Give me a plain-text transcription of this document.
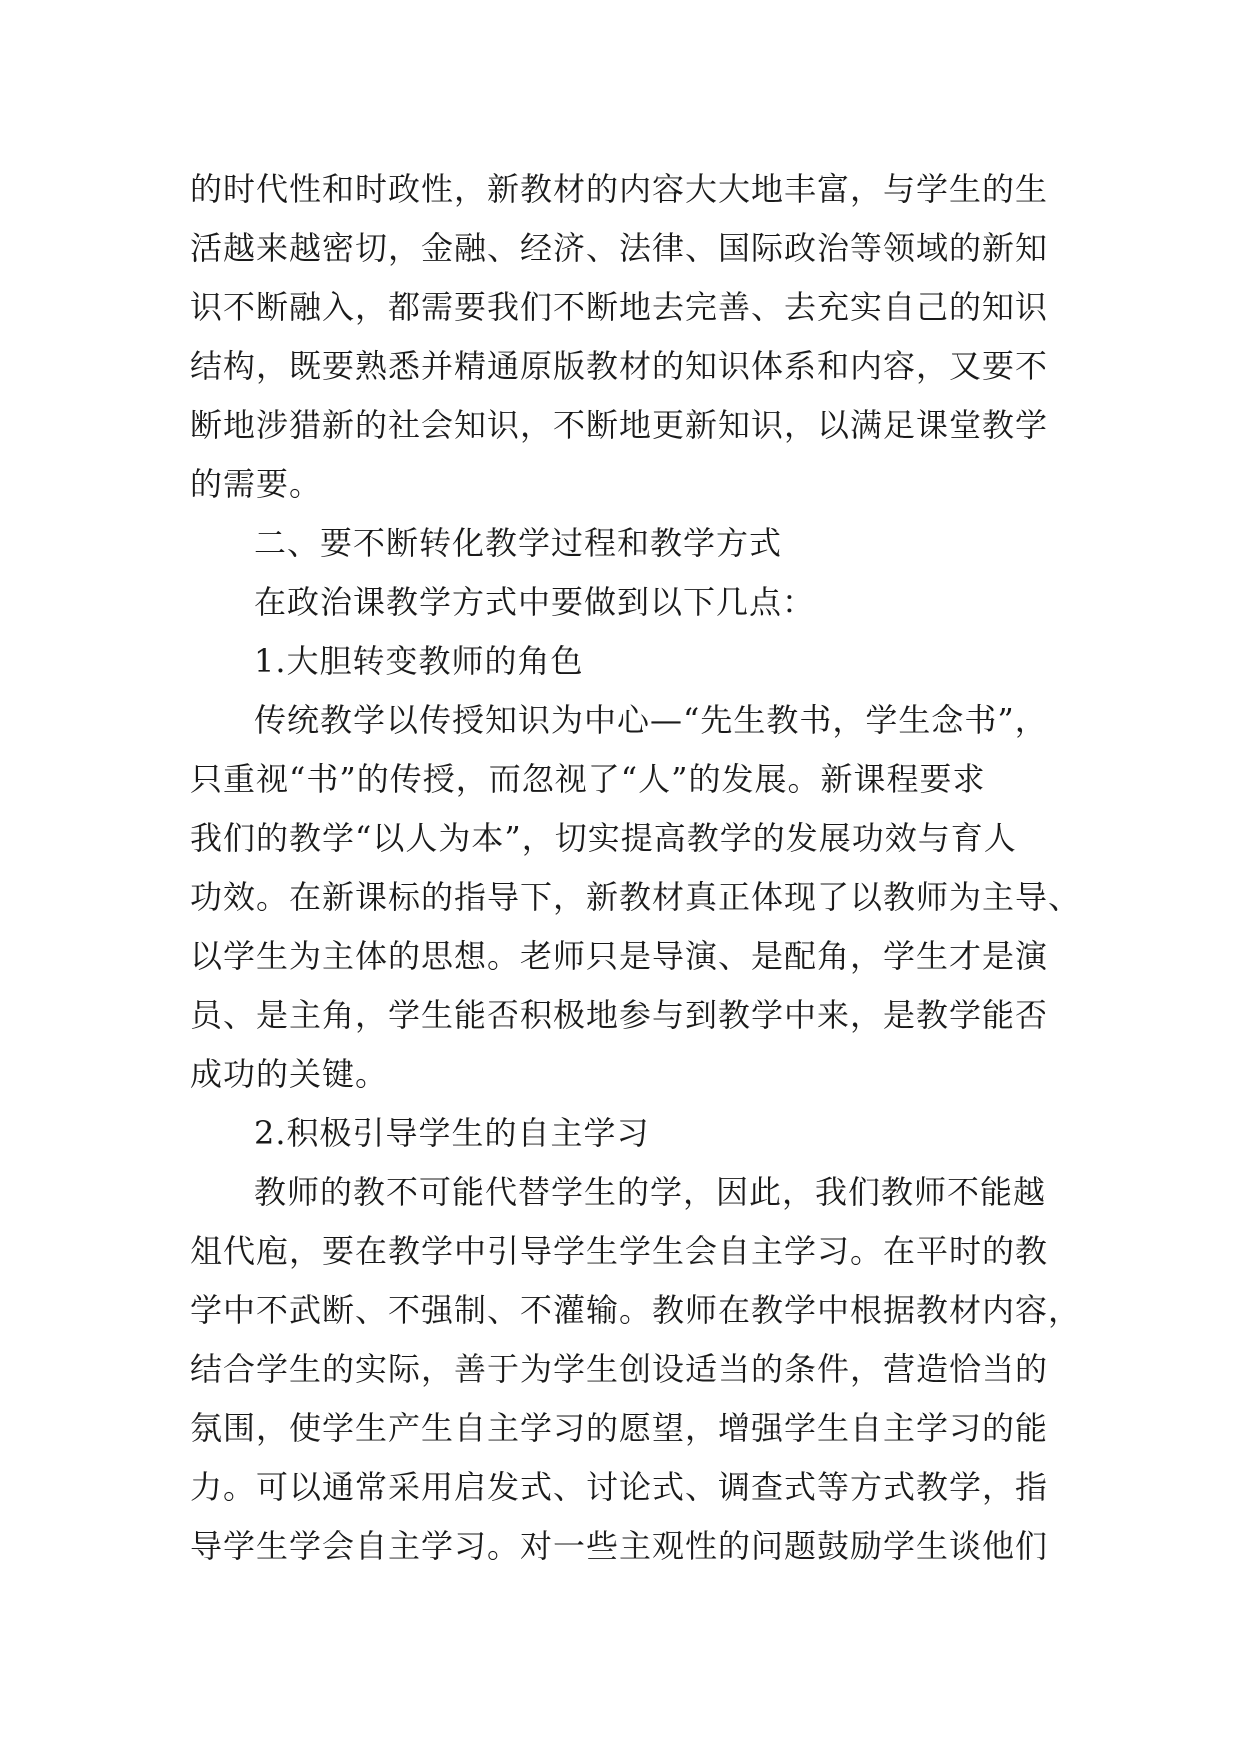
的时代性和时政性，新教材的内容大大地丰富，与学生的生
活越来越密切，金融、经济、法律、国际政治等领域的新知
识不断融入，都需要我们不断地去完善、去充实自己的知识
结构，既要熟悉并精通原版教材的知识体系和内容，又要不
断地涉猎新的社会知识，不断地更新知识，以满足课堂教学
的需要。
二、要不断转化教学过程和教学方式
在政治课教学方式中要做到以下几点：
1.大胆转变教师的角色
传统教学以传授知识为中心—“先生教书，学生念书”，
只重视“书”的传授，而忽视了“人”的发展。新课程要求
我们的教学“以人为本”，切实提高教学的发展功效与育人
功效。在新课标的指导下，新教材真正体现了以教师为主导、
以学生为主体的思想。老师只是导演、是配角，学生才是演
员、是主角，学生能否积极地参与到教学中来，是教学能否
成功的关键。
2.积极引导学生的自主学习
教师的教不可能代替学生的学，因此，我们教师不能越
俎代庖，要在教学中引导学生学生会自主学习。在平时的教
学中不武断、不强制、不灌输。教师在教学中根据教材内容，
结合学生的实际，善于为学生创设适当的条件，营造恰当的
氛围，使学生产生自主学习的愿望，增强学生自主学习的能
力。可以通常采用启发式、讨论式、调查式等方式教学，指
导学生学会自主学习。对一些主观性的问题鼓励学生谈他们
